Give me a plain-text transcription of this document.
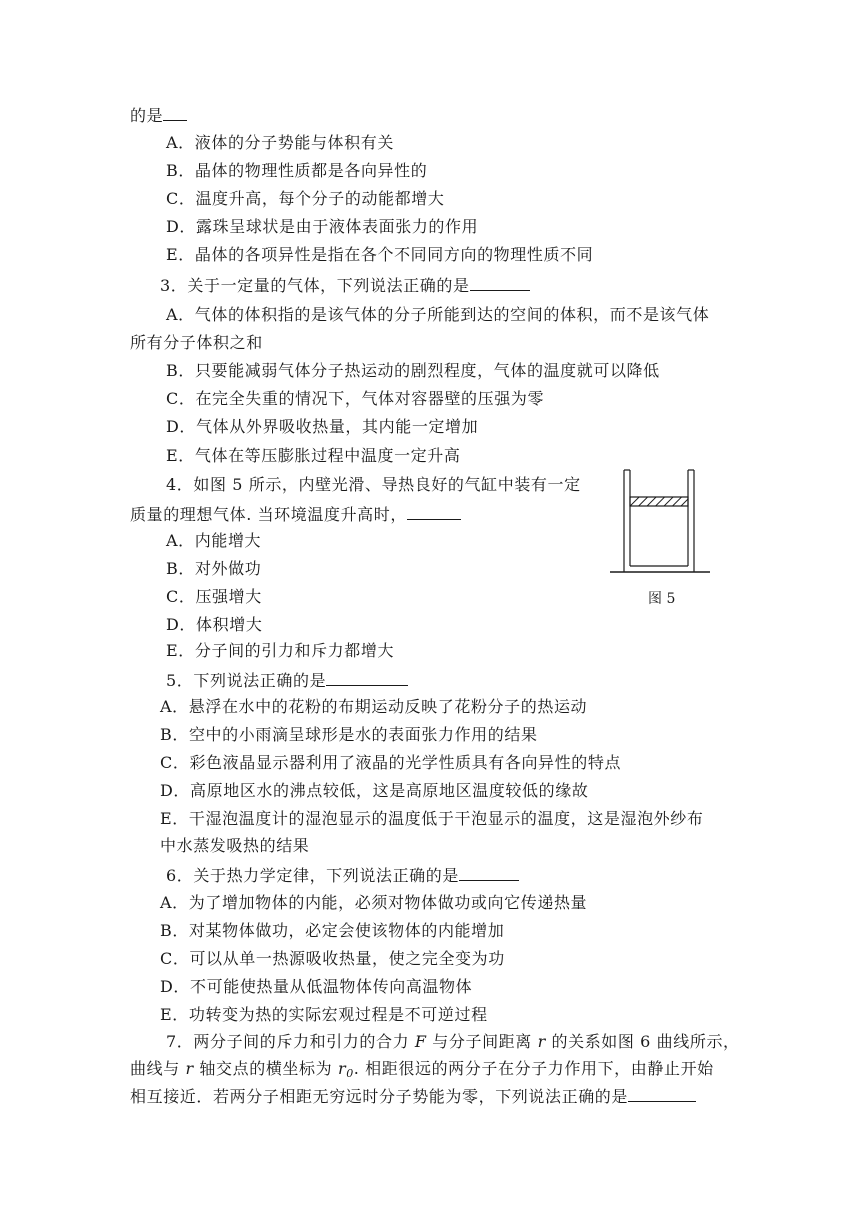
的是
A．液体的分子势能与体积有关
B．晶体的物理性质都是各向异性的
C．温度升高，每个分子的动能都增大
D．露珠呈球状是由于液体表面张力的作用
E．晶体的各项异性是指在各个不同同方向的物理性质不同
3．关于一定量的气体，下列说法正确的是
A．气体的体积指的是该气体的分子所能到达的空间的体积，而不是该气体
所有分子体积之和
B．只要能减弱气体分子热运动的剧烈程度，气体的温度就可以降低
C．在完全失重的情况下，气体对容器壁的压强为零
D．气体从外界吸收热量，其内能一定增加
E．气体在等压膨胀过程中温度一定升高
4．如图 5 所示，内壁光滑、导热良好的气缸中装有一定
质量的理想气体. 当环境温度升高时，
A．内能增大
B．对外做功
C．压强增大
D．体积增大
E．分子间的引力和斥力都增大
图 5
5．下列说法正确的是
A．悬浮在水中的花粉的布期运动反映了花粉分子的热运动
B．空中的小雨滴呈球形是水的表面张力作用的结果
C．彩色液晶显示器利用了液晶的光学性质具有各向异性的特点
D．高原地区水的沸点较低，这是高原地区温度较低的缘故
E．干湿泡温度计的湿泡显示的温度低于干泡显示的温度，这是湿泡外纱布
中水蒸发吸热的结果
6．关于热力学定律，下列说法正确的是
A．为了增加物体的内能，必须对物体做功或向它传递热量
B．对某物体做功，必定会使该物体的内能增加
C．可以从单一热源吸收热量，使之完全变为功
D．不可能使热量从低温物体传向高温物体
E．功转变为热的实际宏观过程是不可逆过程
7．两分子间的斥力和引力的合力 F 与分子间距离 r 的关系如图 6 曲线所示，
曲线与 r 轴交点的横坐标为 $r_0$. 相距很远的两分子在分子力作用下，由静止开始
相互接近．若两分子相距无穷远时分子势能为零，下列说法正确的是
